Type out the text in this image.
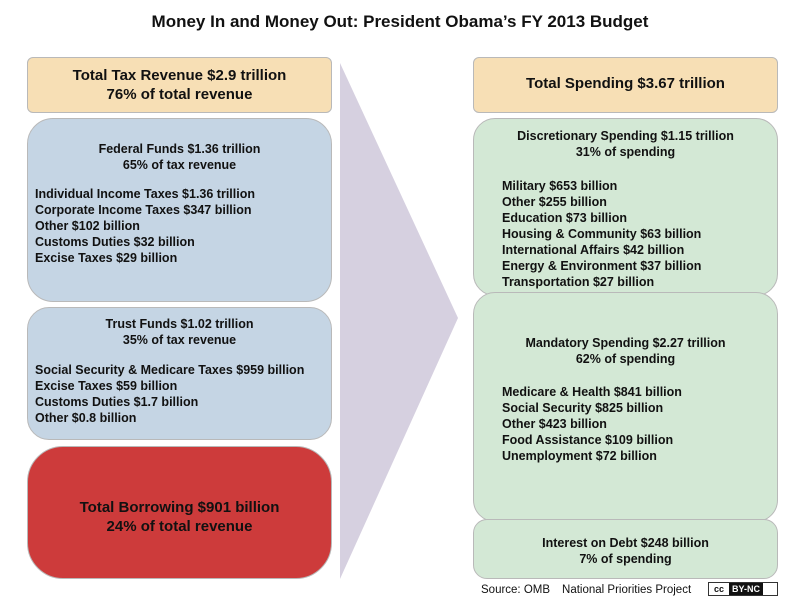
Money In and Money Out: President Obama’s FY 2013 Budget
Total Tax Revenue $2.9 trillion
76% of total revenue
Federal Funds $1.36 trillion
65% of tax revenue
Individual Income Taxes $1.36 trillion
Corporate Income Taxes $347 billion
Other $102 billion
Customs Duties $32 billion
Excise Taxes $29 billion
Trust Funds $1.02 trillion
35% of tax revenue
Social Security & Medicare Taxes $959 billion
Excise Taxes $59 billion
Customs Duties $1.7 billion
Other $0.8 billion
Total Borrowing $901 billion
24% of total revenue
Total Spending $3.67 trillion
Discretionary Spending $1.15 trillion
31% of spending
Military $653 billion
Other $255 billion
Education $73 billion
Housing & Community $63 billion
International Affairs $42 billion
Energy & Environment $37 billion
Transportation $27 billion
Mandatory Spending $2.27 trillion
62% of spending
Medicare & Health $841 billion
Social Security $825 billion
Other $423 billion
Food Assistance $109 billion
Unemployment $72 billion
Interest on Debt $248 billion
7% of spending
Source: OMB National Priorities Project	cc BY-NC
